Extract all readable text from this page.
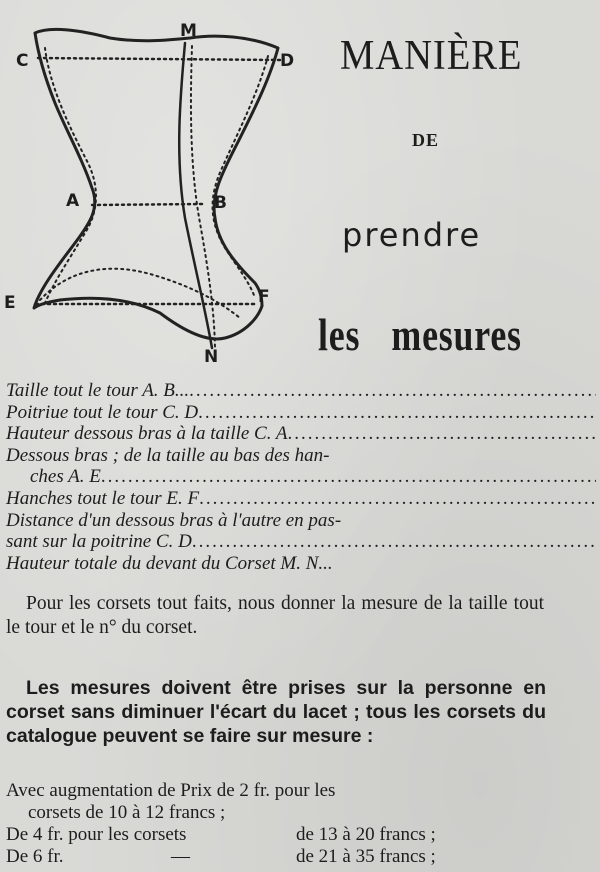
M
C	D
A	B
E	F
N
MANIÈRE
DE
prendre
les mesures
Taille tout le tour A. B...
.....
Poitriue tout le tour C. D
.....
Hauteur dessous bras à la taille C. A
.....
Dessous bras ; de la taille au bas des han-
ches A. E
.....
Hanches tout le tour E. F
.....
Distance d'un dessous bras à l'autre en pas-
sant sur la poitrine C. D
.....
Hauteur totale du devant du Corset M. N...

Pour les corsets tout faits, nous donner la mesure de la taille tout le tour et le n° du corset.

Les mesures doivent être prises sur la personne en corset sans diminuer l'écart du lacet ; tous les corsets du catalogue peuvent se faire sur mesure :

Avec augmentation de Prix de 2 fr. pour les
corsets de 10 à 12 francs ;
De 4 fr. pour les corsets	de 13 à 20 francs ;
De 6 fr.	—	de 21 à 35 francs ;
